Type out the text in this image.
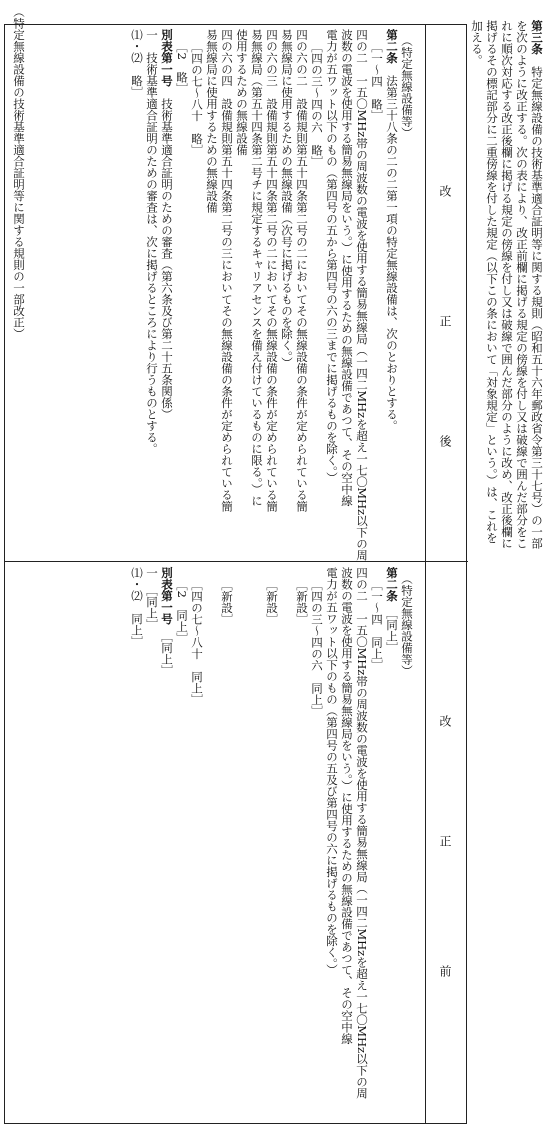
（特定無線設備の技術基準適合証明等に関する規則の一部改正）	第三条　特定無線設備の技術基準適合証明等に関する規則（昭和五十六年郵政省令第三十七号）の一部を次のように改正する。次の表により、改正前欄に掲げる規定の傍線を付し又は破線で囲んだ部分をこれに順次対応する改正後欄に掲げる規定の傍線を付し又は破線で囲んだ部分のように改め、改正後欄に掲げるその標記部分に二重傍線を付した規定（以下この条において「対象規定」という。）は、これを加える。
改
正
後
改
正
前
（特定無線設備等）
第二条　法第三十八条の二の二第一項の特定無線設備は、次のとおりとする。
［一～四　略］
四の二　一五〇MHz帯の周波数の電波を使用する簡易無線局（一四二MHzを超え一七〇MHz以下の周
波数の電波を使用する簡易無線局をいう。）に使用するための無線設備であつて、その空中線
電力が五ワット以下のもの（第四号の五から第四号の六の三までに掲げるものを除く。）
［四の三～四の六　略］
四の六の二　設備規則第五十四条第二号の二においてその無線設備の条件が定められている簡
易無線局に使用するための無線設備（次号に掲げるものを除く。）
四の六の三　設備規則第五十四条第二号の二においてその無線設備の条件が定められている簡
易無線局（第五十四条第二号チに規定するキャリアセンスを備え付けているものに限る。）に
使用するための無線設備
四の六の四　設備規則第五十四条第二号の三においてその無線設備の条件が定められている簡
易無線局に使用するための無線設備
［四の七～八十　略］
［2　略］
別表第一号　技術基準適合証明のための審査（第六条及び第二十五条関係）
一　技術基準適合証明のための審査は、次に掲げるところにより行うものとする。
⑴・⑵　略］
（特定無線設備等）
第二条　［同上］
［一～四　同上］
四の二　一五〇MHz帯の周波数の電波を使用する簡易無線局（一四二MHzを超え一七〇MHz以下の周
波数の電波を使用する簡易無線局をいう。）に使用するための無線設備であつて、その空中線
電力が五ワット以下のもの（第四号の五及び第四号の六に掲げるものを除く。）
［四の三～四の六　同上］
［新設］
［新設］
［新設］
［四の七～八十　同上］
［2　同上］
別表第一号　［同上］
一　［同上］
⑴・⑵　同上］
